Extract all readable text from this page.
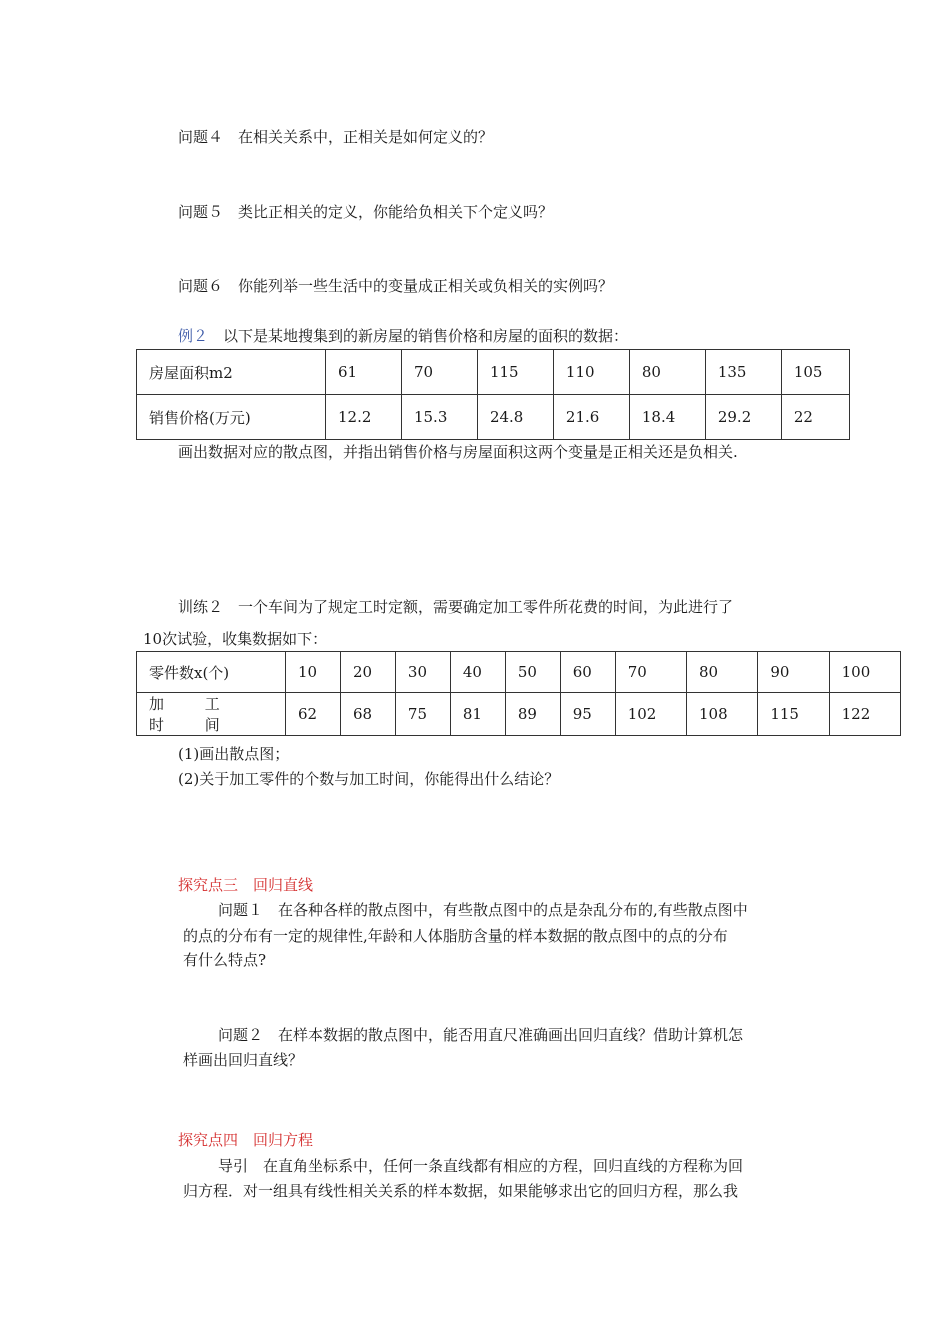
问题４　在相关关系中，正相关是如何定义的？
问题５　类比正相关的定义，你能给负相关下个定义吗？
问题６　你能列举一些生活中的变量成正相关或负相关的实例吗？
例２　 以下是某地搜集到的新房屋的销售价格和房屋的面积的数据：
房屋面积m2	61	70	115	110	80	135	105
销售价格(万元)	12.2	15.3	24.8	21.6	18.4	29.2	22
画出数据对应的散点图，并指出销售价格与房屋面积这两个变量是正相关还是负相关.
训练２　一个车间为了规定工时定额，需要确定加工零件所花费的时间，为此进行了
10次试验，收集数据如下：
零件数x(个)	10	20	30	40	50	60	70	80	90	100
加 工 时 间	62	68	75	81	89	95	102	108	115	122
(1)画出散点图；
(2)关于加工零件的个数与加工时间，你能得出什么结论？
探究点三　回归直线
问题１　在各种各样的散点图中，有些散点图中的点是杂乱分布的,有些散点图中
的点的分布有一定的规律性,年龄和人体脂肪含量的样本数据的散点图中的点的分布
有什么特点?
问题２　在样本数据的散点图中，能否用直尺准确画出回归直线？借助计算机怎
样画出回归直线？
探究点四　回归方程
导引　在直角坐标系中，任何一条直线都有相应的方程，回归直线的方程称为回
归方程．对一组具有线性相关关系的样本数据，如果能够求出它的回归方程，那么我
